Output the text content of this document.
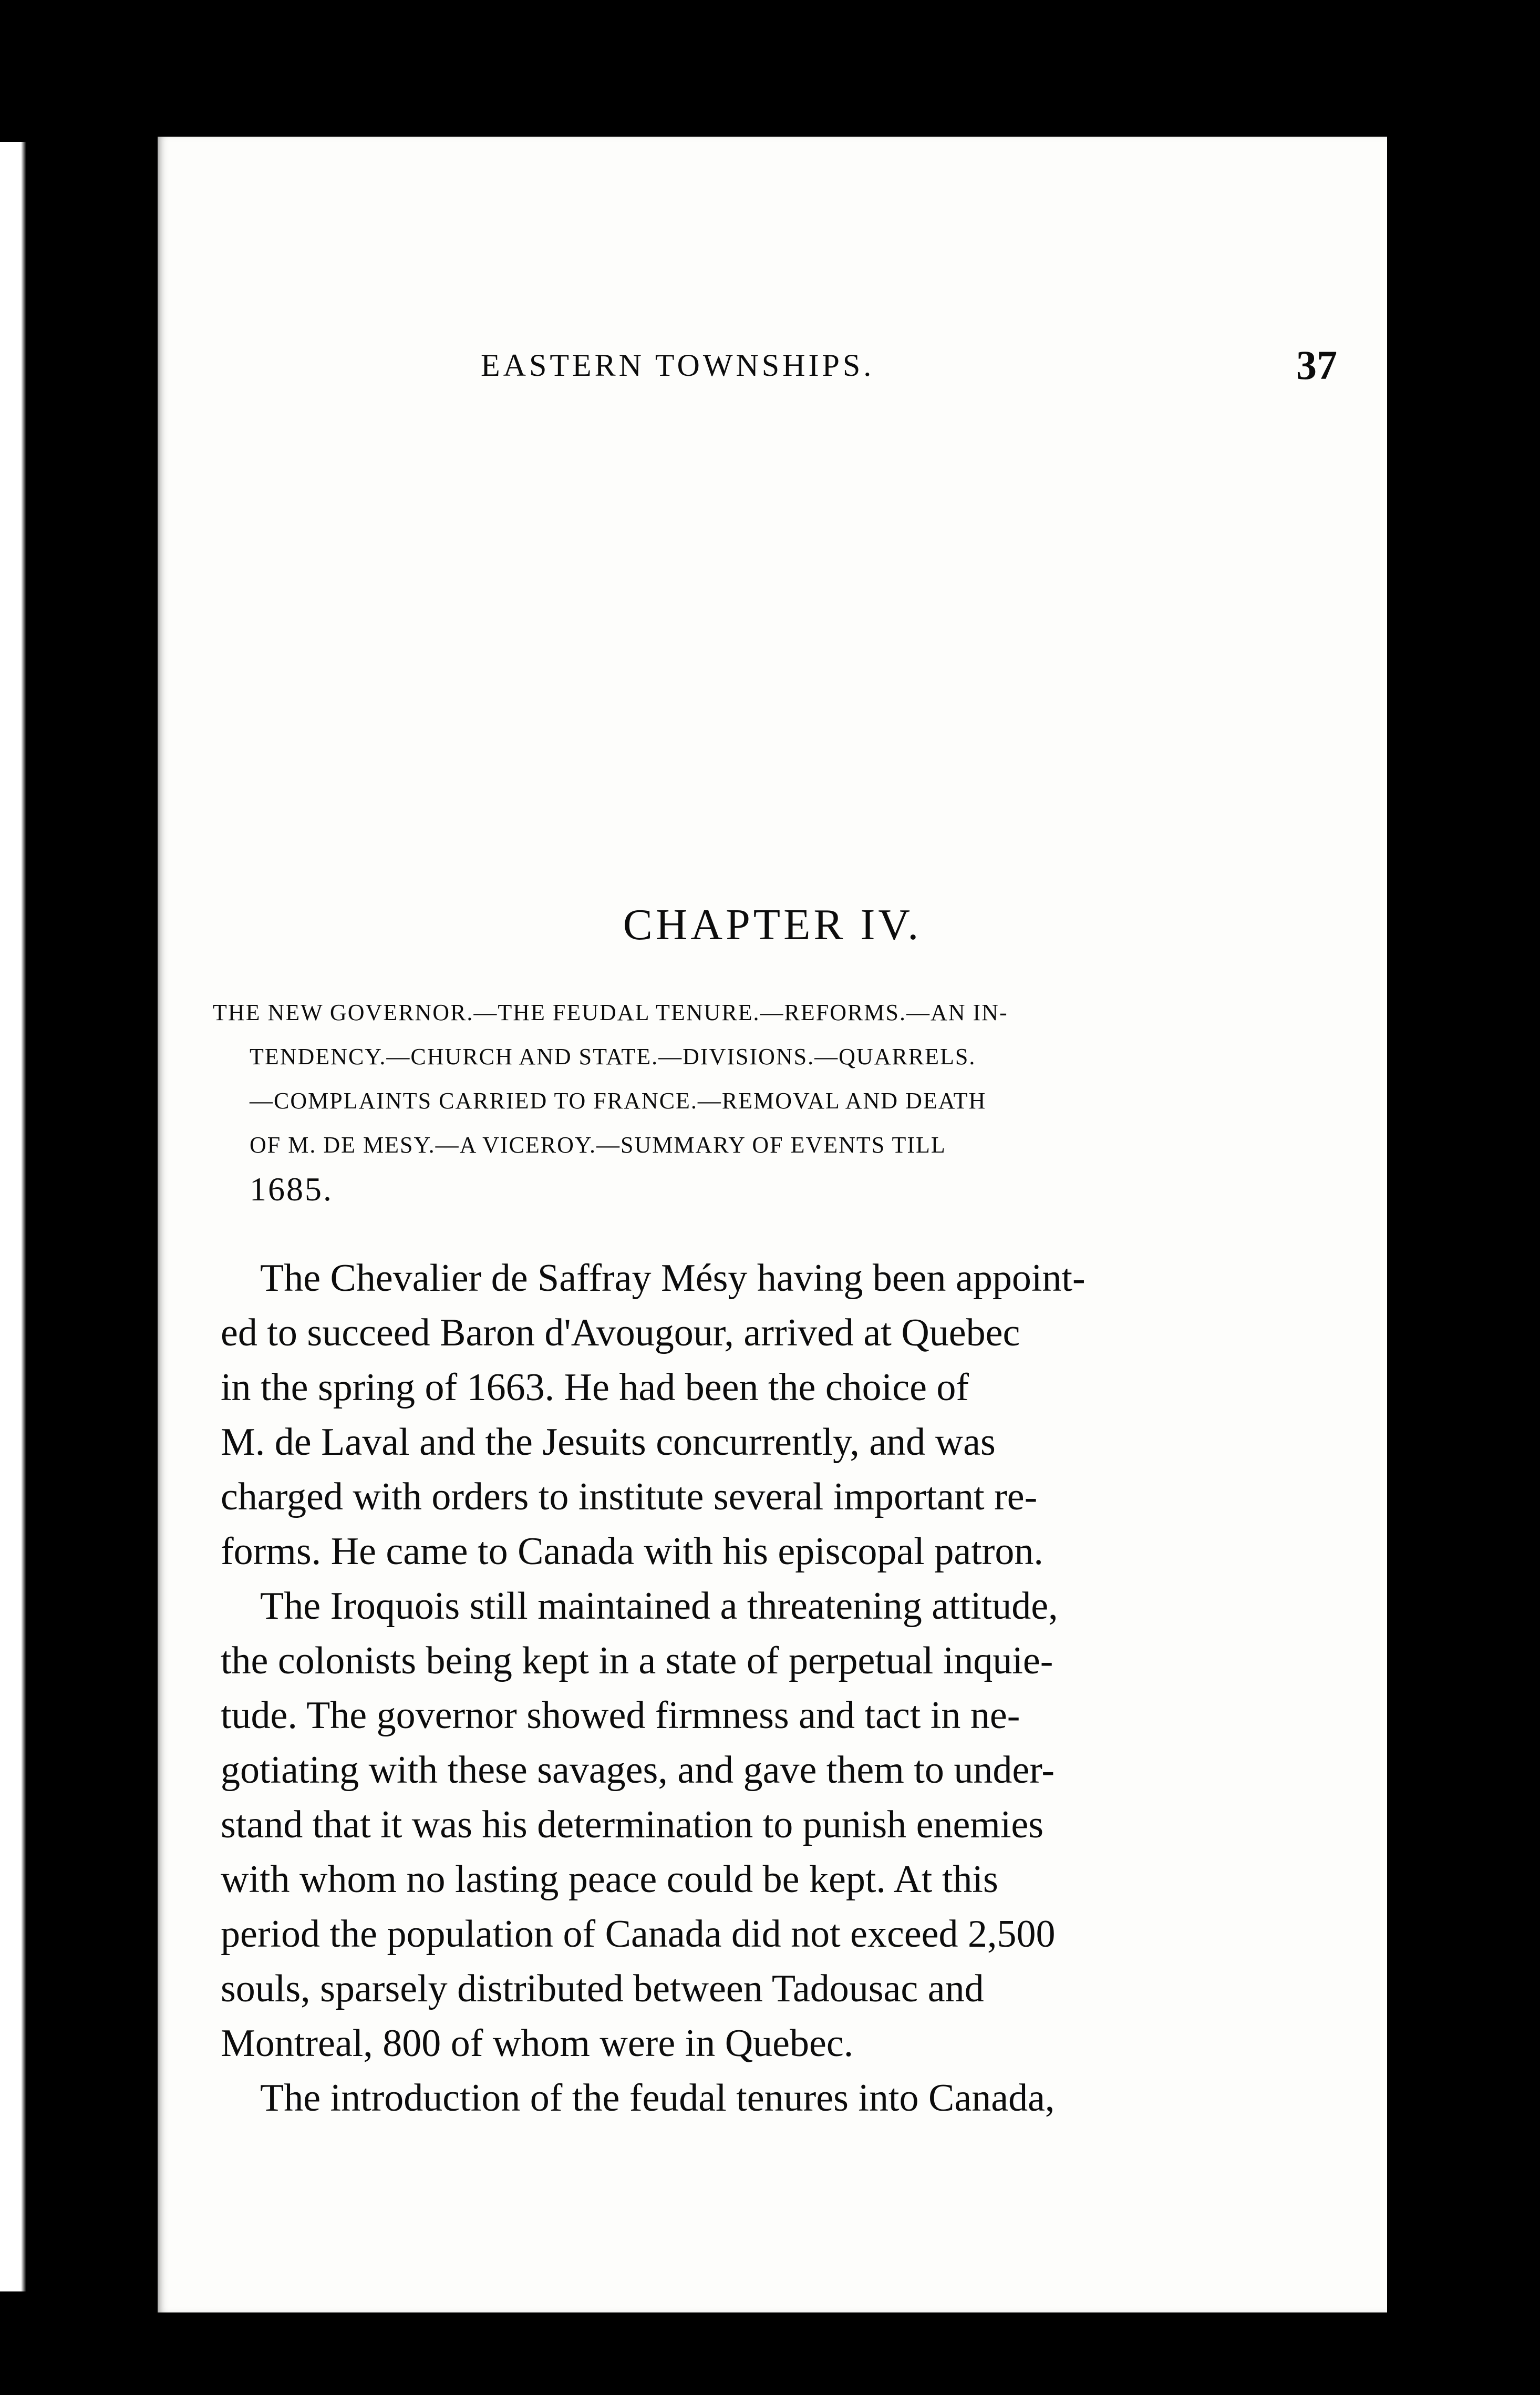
EASTERN TOWNSHIPS.	37
CHAPTER IV.
THE NEW GOVERNOR.—THE FEUDAL TENURE.—REFORMS.—AN IN-
TENDENCY.—CHURCH AND STATE.—DIVISIONS.—QUARRELS.
—COMPLAINTS CARRIED TO FRANCE.—REMOVAL AND DEATH
OF M. DE MESY.—A VICEROY.—SUMMARY OF EVENTS TILL
1685.
The Chevalier de Saffray Mésy having been appoint-
ed to succeed Baron d'Avougour, arrived at Quebec
in the spring of 1663. He had been the choice of
M. de Laval and the Jesuits concurrently, and was
charged with orders to institute several important re-
forms. He came to Canada with his episcopal patron.
The Iroquois still maintained a threatening attitude,
the colonists being kept in a state of perpetual inquie-
tude. The governor showed firmness and tact in ne-
gotiating with these savages, and gave them to under-
stand that it was his determination to punish enemies
with whom no lasting peace could be kept. At this
period the population of Canada did not exceed 2,500
souls, sparsely distributed between Tadousac and
Montreal, 800 of whom were in Quebec.
The introduction of the feudal tenures into Canada,
